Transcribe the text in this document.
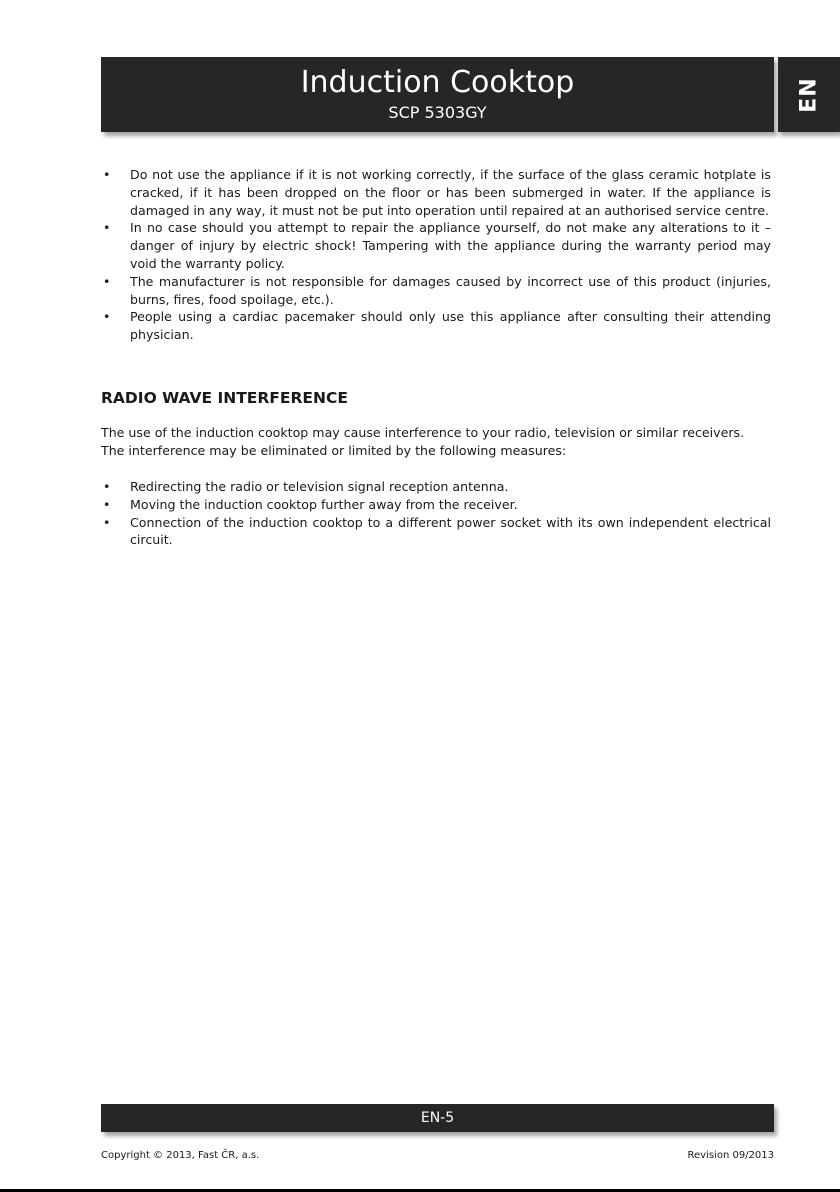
Induction Cooktop
SCP 5303GY
EN
• Do not use the appliance if it is not working correctly, if the surface of the glass ceramic hotplate is cracked, if it has been dropped on the floor or has been submerged in water. If the appliance is damaged in any way, it must not be put into operation until repaired at an authorised service centre.
• In no case should you attempt to repair the appliance yourself, do not make any alterations to it – danger of injury by electric shock! Tampering with the appliance during the warranty period may void the warranty policy.
• The manufacturer is not responsible for damages caused by incorrect use of this product (injuries, burns, fires, food spoilage, etc.).
• People using a cardiac pacemaker should only use this appliance after consulting their attending physician.
RADIO WAVE INTERFERENCE

The use of the induction cooktop may cause interference to your radio, television or similar receivers. The interference may be eliminated or limited by the following measures:

• Redirecting the radio or television signal reception antenna.
• Moving the induction cooktop further away from the receiver.
• Connection of the induction cooktop to a different power socket with its own independent electrical circuit.
EN-5
Copyright © 2013, Fast ČR, a.s.	Revision 09/2013
